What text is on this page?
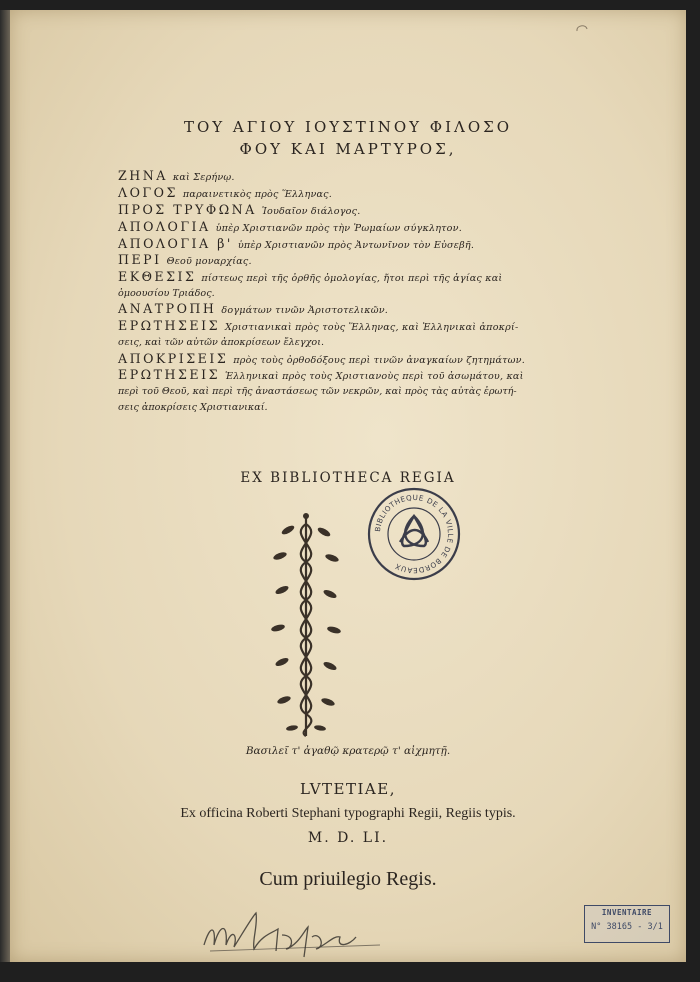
ΤΟΥ ΑΓΙΟΥ ΙΟΥΣΤΙΝΟΥ ΦΙΛΟΣΟ
ΦΟΥ ΚΑΙ ΜΑΡΤΥΡΟΣ,

ΖΗΝΑ καὶ Σερήνῳ.

ΛΟΓΟΣ παραινετικὸς πρὸς Ἕλληνας.

ΠΡΟΣ ΤΡΥΦΩΝΑ Ἰουδαῖον διάλογος.

ΑΠΟΛΟΓΙΑ ὑπὲρ Χριστιανῶν πρὸς τὴν Ῥωμαίων σύγκλητον.

ΑΠΟΛΟΓΙΑ β' ὑπὲρ Χριστιανῶν πρὸς Ἀντωνῖνον τὸν Εὐσεβῆ.

ΠΕΡΙ Θεοῦ μοναρχίας.

ΕΚΘΕΣΙΣ πίστεως περὶ τῆς ὀρθῆς ὁμολογίας, ἤτοι περὶ τῆς ἁγίας καὶ
ὁμοουσίου Τριάδος.

ΑΝΑΤΡΟΠΗ δογμάτων τινῶν Ἀριστοτελικῶν.

ΕΡΩΤΗΣΕΙΣ Χριστιανικαὶ πρὸς τοὺς Ἕλληνας, καὶ Ἑλληνικαὶ ἀποκρί-
σεις, καὶ τῶν αὐτῶν ἀποκρίσεων ἔλεγχοι.

ΑΠΟΚΡΙΣΕΙΣ πρὸς τοὺς ὀρθοδόξους περὶ τινῶν ἀναγκαίων ζητημάτων.

ΕΡΩΤΗΣΕΙΣ Ἑλληνικαὶ πρὸς τοὺς Χριστιανοὺς περὶ τοῦ ἀσωμάτου, καὶ
περὶ τοῦ Θεοῦ, καὶ περὶ τῆς ἀναστάσεως τῶν νεκρῶν, καὶ πρὸς τὰς αὐτὰς ἐρωτή-
σεις ἀποκρίσεις Χριστιανικαί.

EX BIBLIOTHECA REGIA
BIBLIOTHEQUE DE LA VILLE DE BORDEAUX
Βασιλεῖ τ' ἀγαθῷ κρατερῷ τ' αἰχμητῇ.
LVTETIAE,
Ex officina Roberti Stephani typographi Regii, Regiis typis.
M. D. LI.
Cum priuilegio Regis.
INVENTAIRE
N° 38165 - 3/1
